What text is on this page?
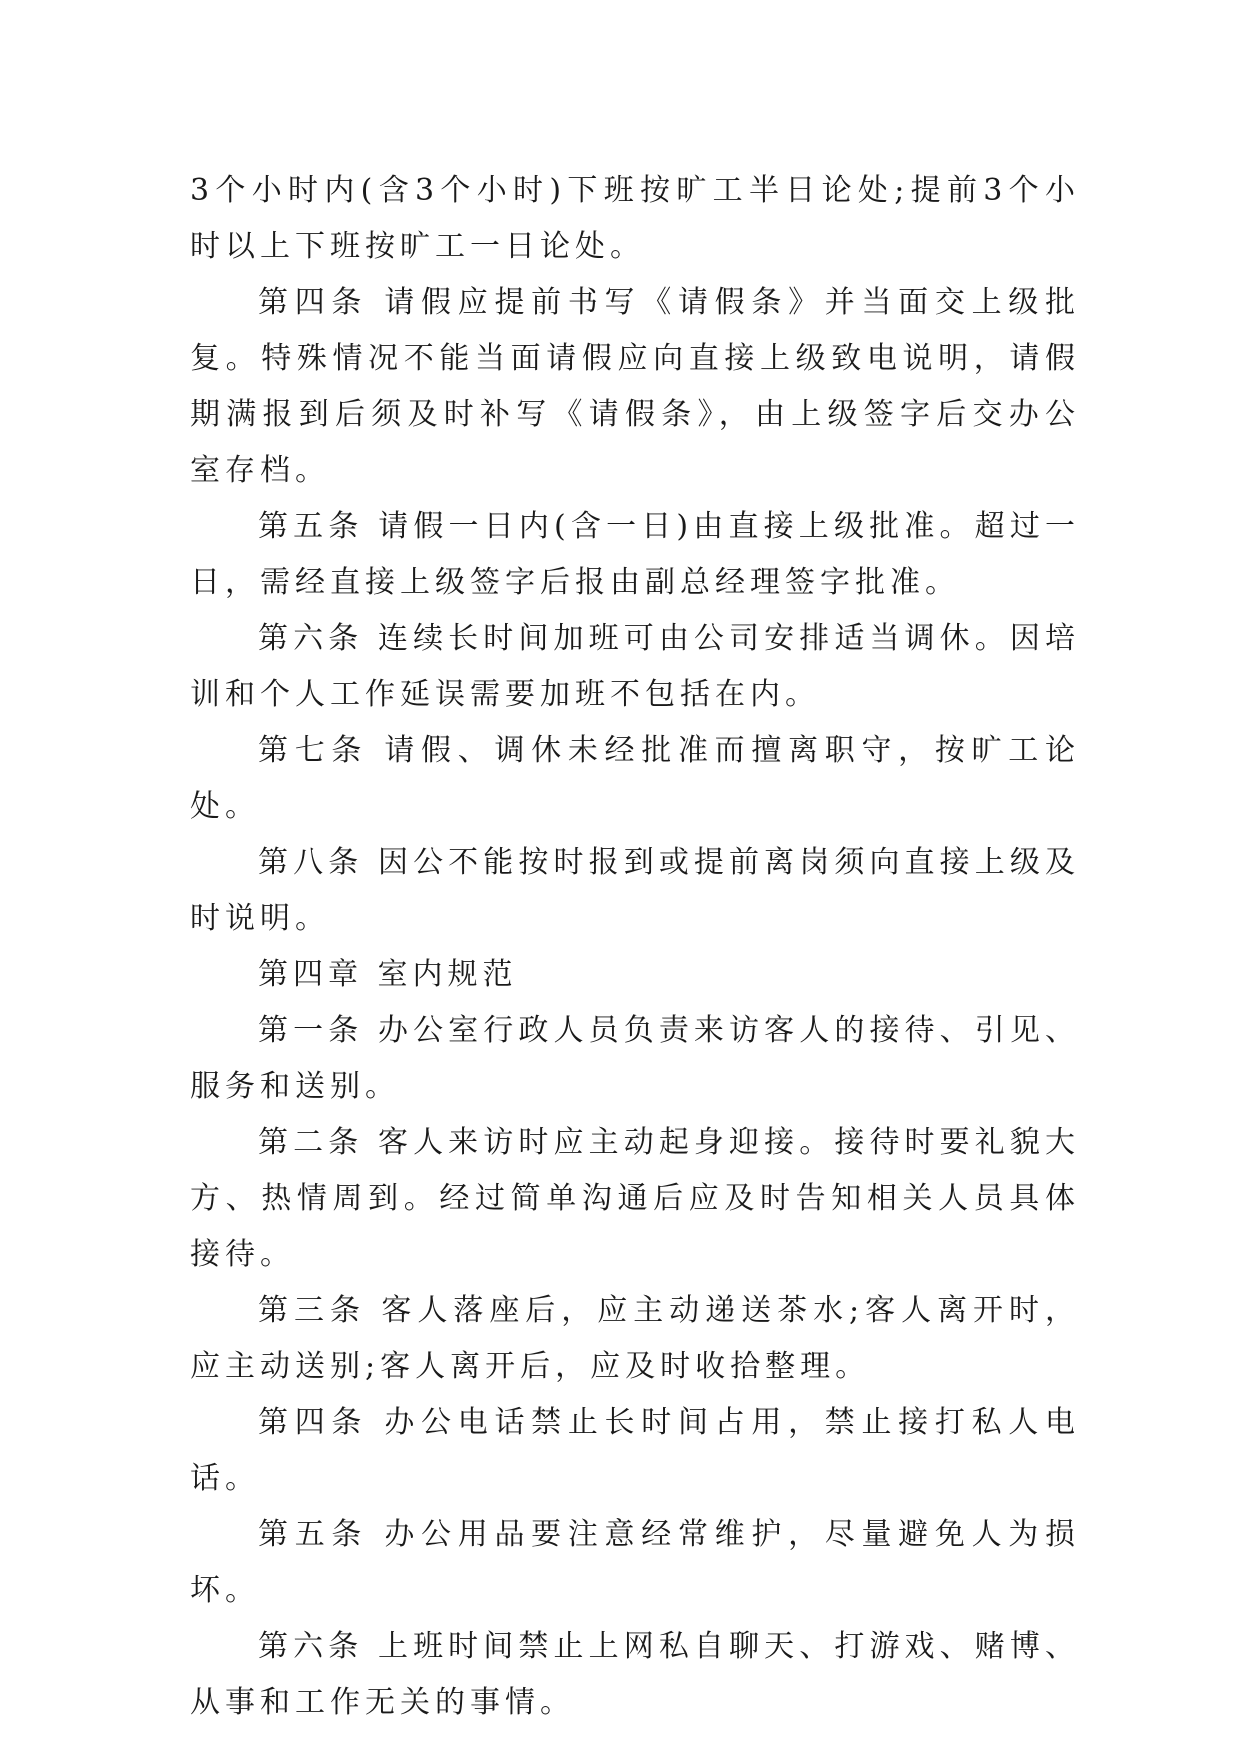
3个小时内(含3个小时)下班按旷工半日论处;提前3个小时以上下班按旷工一日论处。

第四条 请假应提前书写《请假条》并当面交上级批复。特殊情况不能当面请假应向直接上级致电说明，请假期满报到后须及时补写《请假条》，由上级签字后交办公室存档。

第五条 请假一日内(含一日)由直接上级批准。超过一日，需经直接上级签字后报由副总经理签字批准。

第六条 连续长时间加班可由公司安排适当调休。因培训和个人工作延误需要加班不包括在内。

第七条 请假、调休未经批准而擅离职守，按旷工论处。

第八条 因公不能按时报到或提前离岗须向直接上级及时说明。

第四章 室内规范

第一条 办公室行政人员负责来访客人的接待、引见、服务和送别。

第二条 客人来访时应主动起身迎接。接待时要礼貌大方、热情周到。经过简单沟通后应及时告知相关人员具体接待。

第三条 客人落座后，应主动递送茶水;客人离开时，应主动送别;客人离开后，应及时收拾整理。

第四条 办公电话禁止长时间占用，禁止接打私人电话。

第五条 办公用品要注意经常维护，尽量避免人为损坏。

第六条 上班时间禁止上网私自聊天、打游戏、赌博、从事和工作无关的事情。
